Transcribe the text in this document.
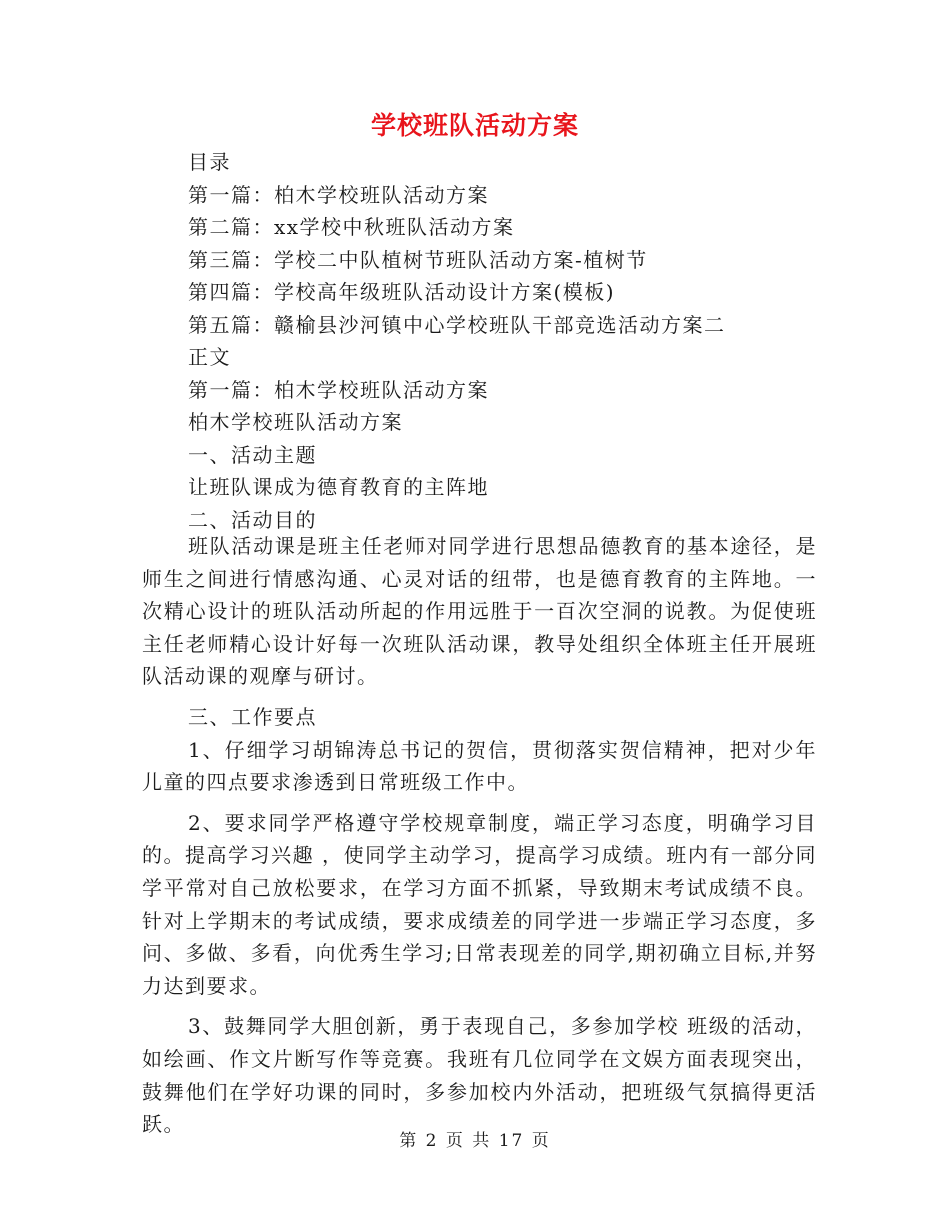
学校班队活动方案
目录
第一篇：柏木学校班队活动方案
第二篇：xx学校中秋班队活动方案
第三篇：学校二中队植树节班队活动方案-植树节
第四篇：学校高年级班队活动设计方案(模板)
第五篇：赣榆县沙河镇中心学校班队干部竞选活动方案二
正文
第一篇：柏木学校班队活动方案
柏木学校班队活动方案
一、活动主题
让班队课成为德育教育的主阵地
二、活动目的

班队活动课是班主任老师对同学进行思想品德教育的基本途径，是师生之间进行情感沟通、心灵对话的纽带，也是德育教育的主阵地。一次精心设计的班队活动所起的作用远胜于一百次空洞的说教。为促使班主任老师精心设计好每一次班队活动课，教导处组织全体班主任开展班队活动课的观摩与研讨。

三、工作要点

1、仔细学习胡锦涛总书记的贺信，贯彻落实贺信精神，把对少年儿童的四点要求渗透到日常班级工作中。

2、要求同学严格遵守学校规章制度，端正学习态度，明确学习目的。提高学习兴趣 ，使同学主动学习，提高学习成绩。班内有一部分同学平常对自己放松要求，在学习方面不抓紧，导致期末考试成绩不良。针对上学期末的考试成绩，要求成绩差的同学进一步端正学习态度，多问、多做、多看，向优秀生学习;日常表现差的同学,期初确立目标,并努力达到要求。

3、鼓舞同学大胆创新，勇于表现自己，多参加学校 班级的活动，如绘画、作文片断写作等竞赛。我班有几位同学在文娱方面表现突出，鼓舞他们在学好功课的同时，多参加校内外活动，把班级气氛搞得更活跃。

第 2 页 共 17 页
